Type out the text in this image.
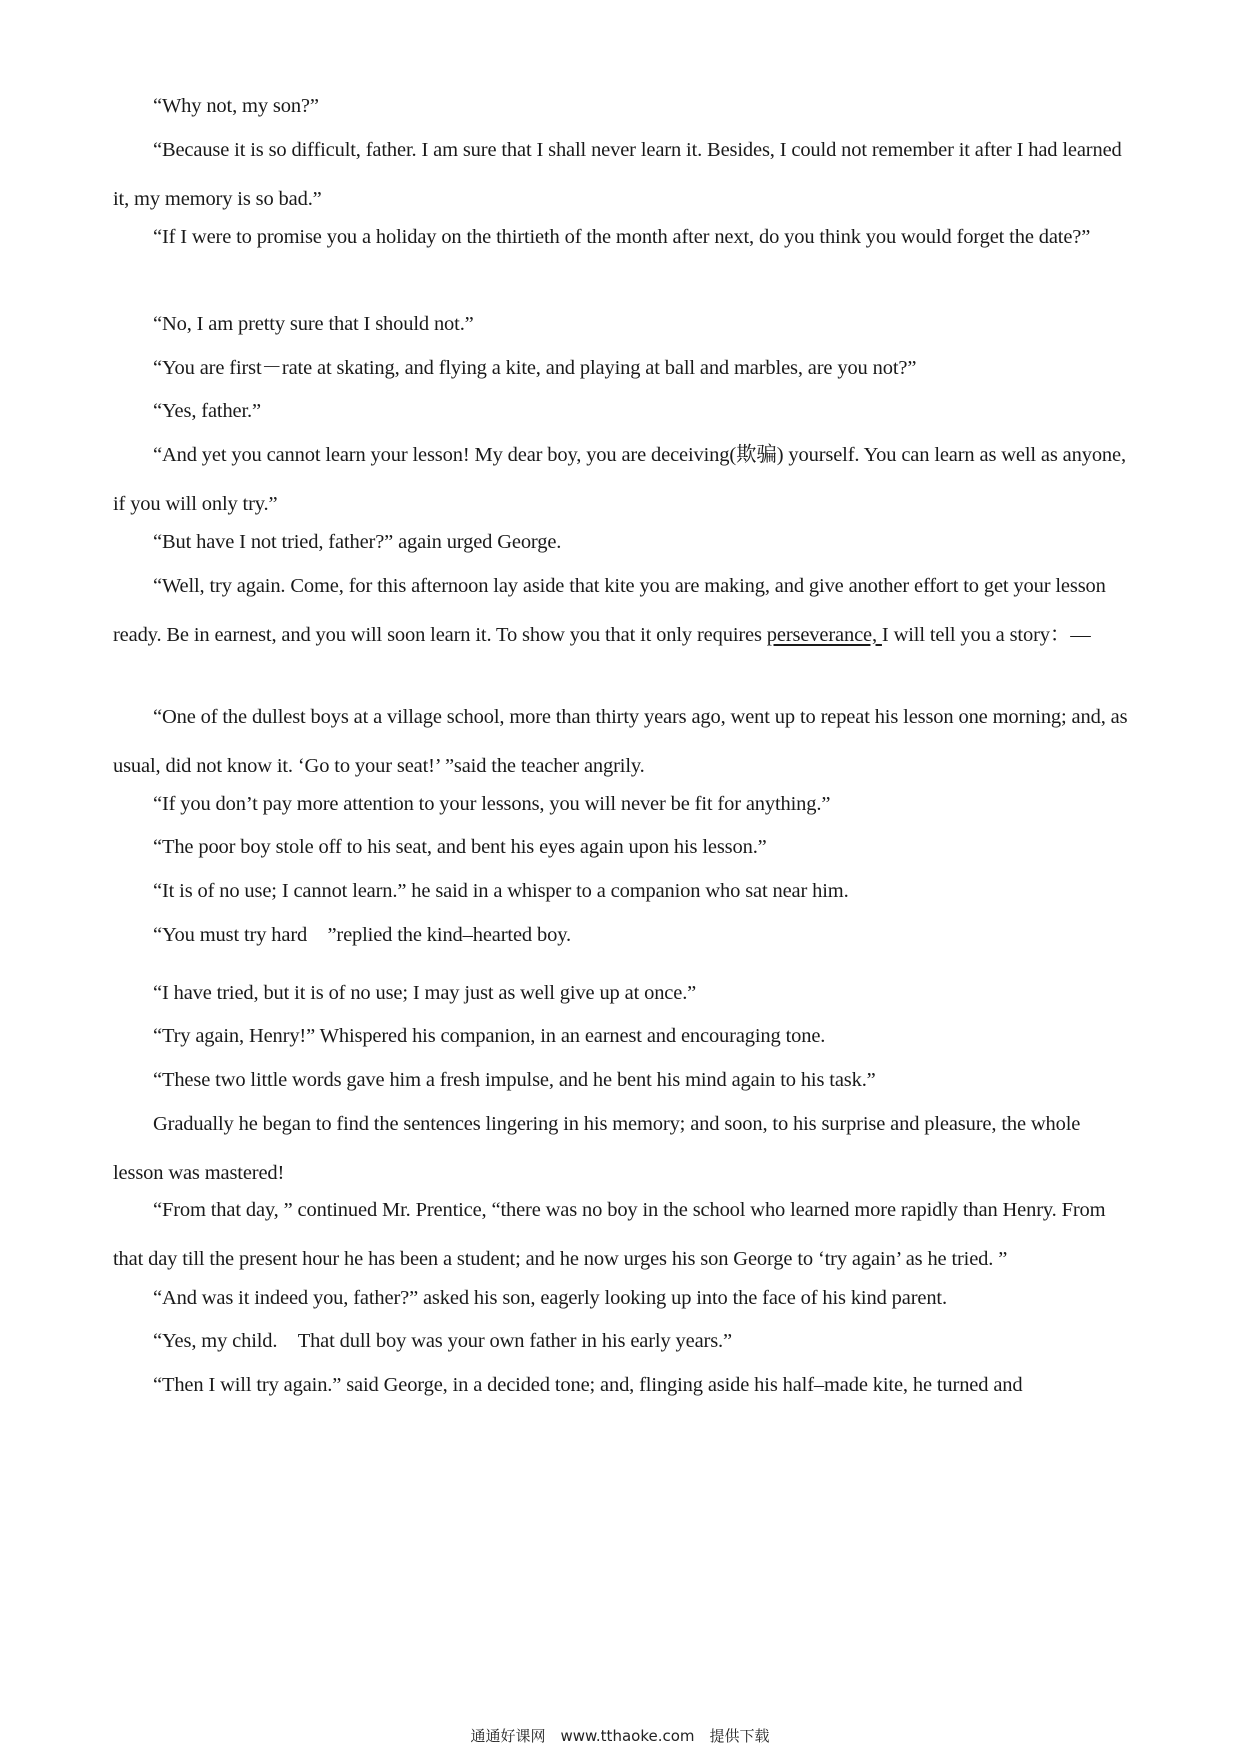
“Why not, my son?”

“Because it is so difficult, father. I am sure that I shall never learn it. Besides, I could not remember it after I had learned it, my memory is so bad.”

“If I were to promise you a holiday on the thirtieth of the month after next, do you think you would forget the date?”

“No, I am pretty sure that I should not.”

“You are first－rate at skating, and flying a kite, and playing at ball and marbles, are you not?”

“Yes, father.”

“And yet you cannot learn your lesson! My dear boy, you are deceiving(欺骗) yourself. You can learn as well as anyone, if you will only try.”

“But have I not tried, father?” again urged George.

“Well, try again. Come, for this afternoon lay aside that kite you are making, and give another effort to get your lesson ready. Be in earnest, and you will soon learn it. To show you that it only requires perseverance, I will tell you a story：—

“One of the dullest boys at a village school, more than thirty years ago, went up to repeat his lesson one morning; and, as usual, did not know it. ‘Go to your seat!’ ”said the teacher angrily.

“If you don’t pay more attention to your lessons, you will never be fit for anything.”

“The poor boy stole off to his seat, and bent his eyes again upon his lesson.”

“It is of no use; I cannot learn.” he said in a whisper to a companion who sat near him.

“You must try hard　”replied the kind–hearted boy.

“I have tried, but it is of no use; I may just as well give up at once.”

“Try again, Henry!” Whispered his companion, in an earnest and encouraging tone.

“These two little words gave him a fresh impulse, and he bent his mind again to his task.”

Gradually he began to find the sentences lingering in his memory; and soon, to his surprise and pleasure, the whole lesson was mastered!

“From that day, ” continued Mr. Prentice, “there was no boy in the school who learned more rapidly than Henry. From that day till the present hour he has been a student; and he now urges his son George to ‘try again’ as he tried. ”

“And was it indeed you, father?” asked his son, eagerly looking up into the face of his kind parent.

“Yes, my child.　That dull boy was your own father in his early years.”

“Then I will try again.” said George, in a decided tone; and, flinging aside his half–made kite, he turned and

通通好课网　www.tthaoke.com　提供下载
